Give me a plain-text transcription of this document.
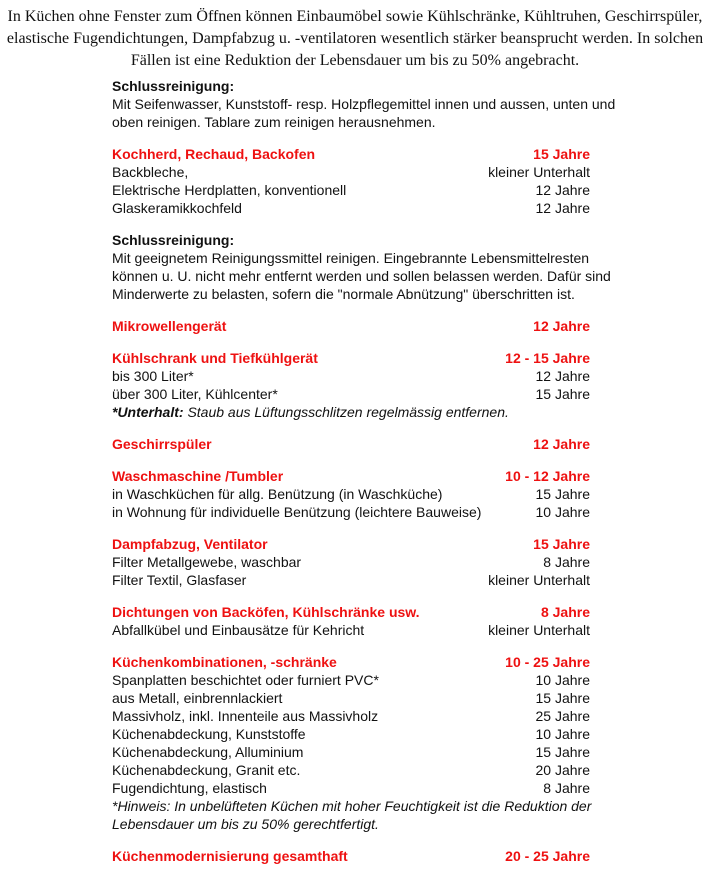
In Küchen ohne Fenster zum Öffnen können Einbaumöbel sowie Kühlschränke, Kühltruhen, Geschirrspüler, elastische Fugendichtungen, Dampfabzug u. -ventilatoren wesentlich stärker beansprucht werden. In solchen Fällen ist eine Reduktion der Lebensdauer um bis zu 50% angebracht.

Schlussreinigung:
Mit Seifenwasser, Kunststoff- resp. Holzpflegemittel innen und aussen, unten und
oben reinigen. Tablare zum reinigen herausnehmen.
Kochherd, Rechaud, Backofen	15 Jahre
Backbleche,	kleiner Unterhalt
Elektrische Herdplatten, konventionell	12 Jahre
Glaskeramikkochfeld	12 Jahre
Schlussreinigung:
Mit geeignetem Reinigungssmittel reinigen. Eingebrannte Lebensmittelresten
können u. U. nicht mehr entfernt werden und sollen belassen werden. Dafür sind
Minderwerte zu belasten, sofern die "normale Abnützung" überschritten ist.
Mikrowellengerät	12 Jahre
Kühlschrank und Tiefkühlgerät	12 - 15 Jahre
bis 300 Liter*	12 Jahre
über 300 Liter, Kühlcenter*	15 Jahre
*Unterhalt: Staub aus Lüftungsschlitzen regelmässig entfernen.
Geschirrspüler	12 Jahre
Waschmaschine /Tumbler	10 - 12 Jahre
in Waschküchen für allg. Benützung (in Waschküche)	15 Jahre
in Wohnung für individuelle Benützung (leichtere Bauweise)	10 Jahre
Dampfabzug, Ventilator	15 Jahre
Filter Metallgewebe, waschbar	8 Jahre
Filter Textil, Glasfaser	kleiner Unterhalt
Dichtungen von Backöfen, Kühlschränke usw.	8 Jahre
Abfallkübel und Einbausätze für Kehricht	kleiner Unterhalt
Küchenkombinationen, -schränke	10 - 25 Jahre
Spanplatten beschichtet oder furniert PVC*	10 Jahre
aus Metall, einbrennlackiert	15 Jahre
Massivholz, inkl. Innenteile aus Massivholz	25 Jahre
Küchenabdeckung, Kunststoffe	10 Jahre
Küchenabdeckung, Alluminium	15 Jahre
Küchenabdeckung, Granit etc.	20 Jahre
Fugendichtung, elastisch	8 Jahre
*Hinweis: In unbelüfteten Küchen mit hoher Feuchtigkeit ist die Reduktion der
Lebensdauer um bis zu 50% gerechtfertigt.
Küchenmodernisierung gesamthaft	20 - 25 Jahre
